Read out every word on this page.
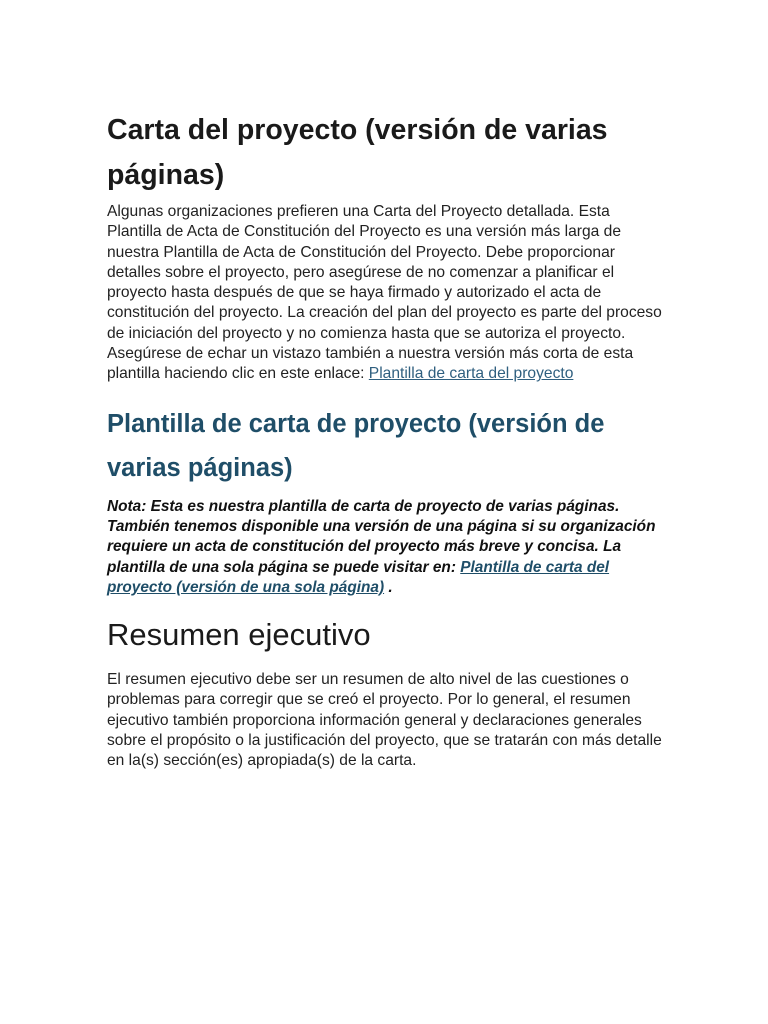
Carta del proyecto (versión de varias páginas)

Algunas organizaciones prefieren una Carta del Proyecto detallada. Esta Plantilla de Acta de Constitución del Proyecto es una versión más larga de nuestra Plantilla de Acta de Constitución del Proyecto. Debe proporcionar detalles sobre el proyecto, pero asegúrese de no comenzar a planificar el proyecto hasta después de que se haya firmado y autorizado el acta de constitución del proyecto. La creación del plan del proyecto es parte del proceso de iniciación del proyecto y no comienza hasta que se autoriza el proyecto.
Asegúrese de echar un vistazo también a nuestra versión más corta de esta plantilla haciendo clic en este enlace: Plantilla de carta del proyecto

Plantilla de carta de proyecto (versión de varias páginas)

Nota: Esta es nuestra plantilla de carta de proyecto de varias páginas. También tenemos disponible una versión de una página si su organización requiere un acta de constitución del proyecto más breve y concisa. La plantilla de una sola página se puede visitar en: Plantilla de carta del proyecto (versión de una sola página) .

Resumen ejecutivo

El resumen ejecutivo debe ser un resumen de alto nivel de las cuestiones o problemas para corregir que se creó el proyecto. Por lo general, el resumen ejecutivo también proporciona información general y declaraciones generales sobre el propósito o la justificación del proyecto, que se tratarán con más detalle en la(s) sección(es) apropiada(s) de la carta.
